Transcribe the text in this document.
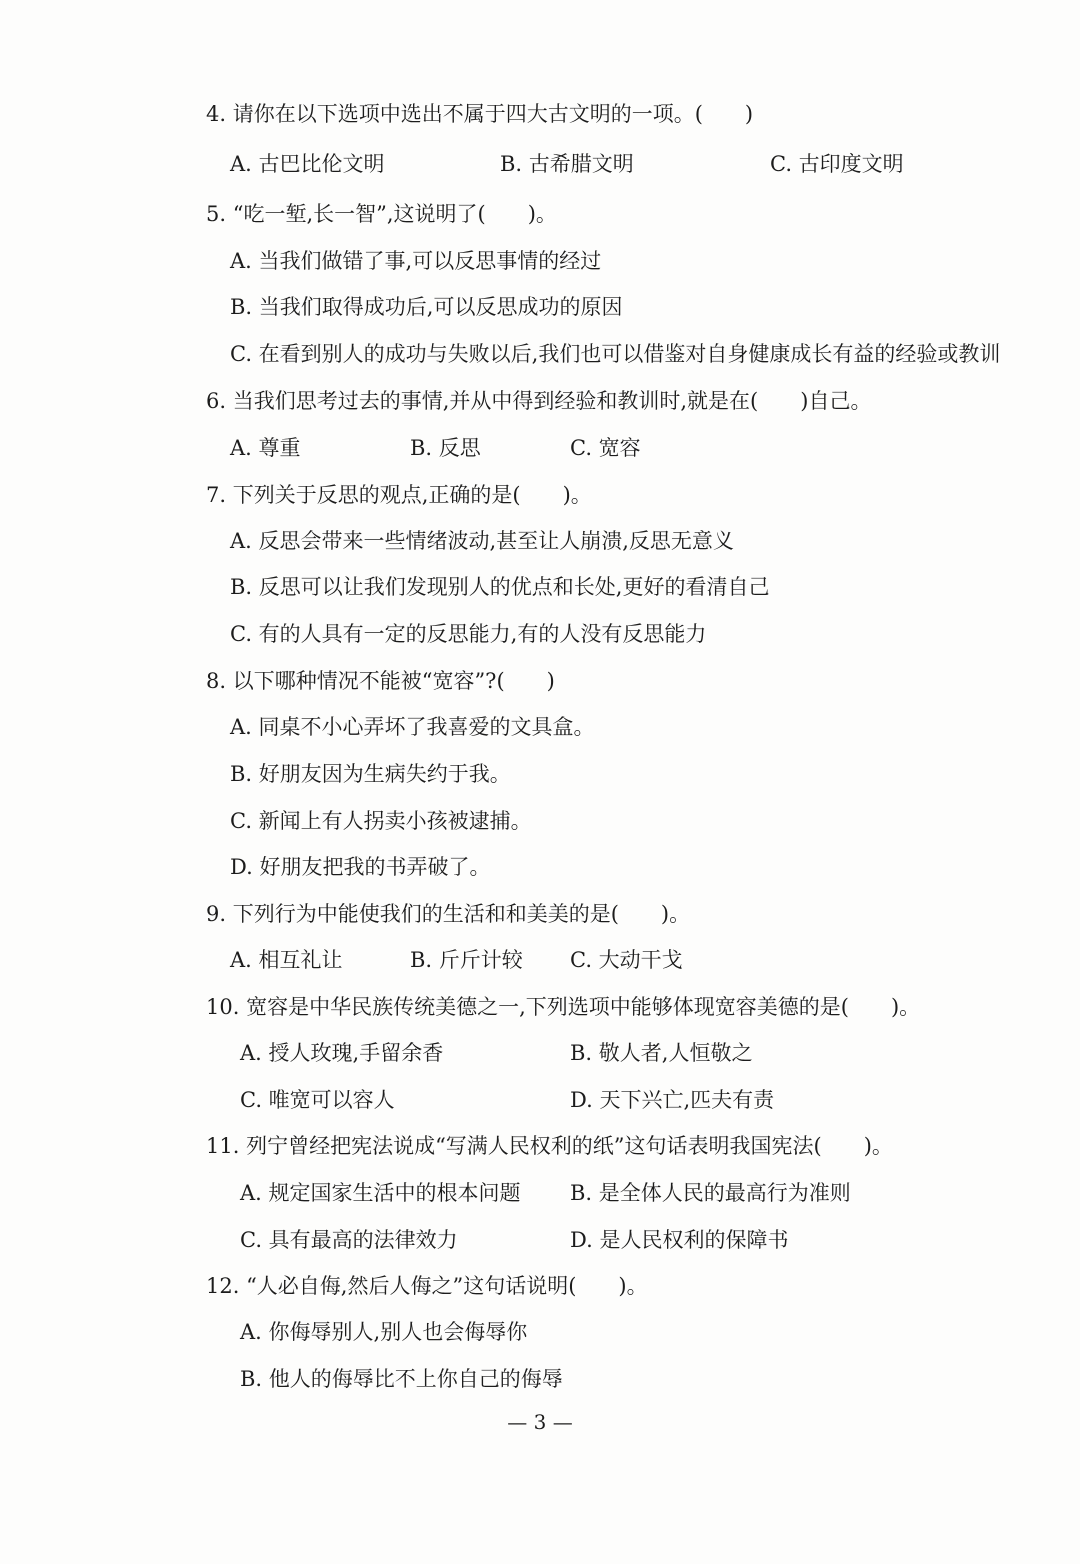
4. 请你在以下选项中选出不属于四大古文明的一项。(　　)
A. 古巴比伦文明	B. 古希腊文明	C. 古印度文明
5. “吃一堑,长一智”,这说明了(　　)。
A. 当我们做错了事,可以反思事情的经过
B. 当我们取得成功后,可以反思成功的原因
C. 在看到别人的成功与失败以后,我们也可以借鉴对自身健康成长有益的经验或教训
6. 当我们思考过去的事情,并从中得到经验和教训时,就是在(　　)自己。
A. 尊重	B. 反思	C. 宽容
7. 下列关于反思的观点,正确的是(　　)。
A. 反思会带来一些情绪波动,甚至让人崩溃,反思无意义
B. 反思可以让我们发现别人的优点和长处,更好的看清自己
C. 有的人具有一定的反思能力,有的人没有反思能力
8. 以下哪种情况不能被“宽容”?(　　)
A. 同桌不小心弄坏了我喜爱的文具盒。
B. 好朋友因为生病失约于我。
C. 新闻上有人拐卖小孩被逮捕。
D. 好朋友把我的书弄破了。
9. 下列行为中能使我们的生活和和美美的是(　　)。
A. 相互礼让	B. 斤斤计较 C. 大动干戈
10. 宽容是中华民族传统美德之一,下列选项中能够体现宽容美德的是(　　)。
A. 授人玫瑰,手留余香	B. 敬人者,人恒敬之
C. 唯宽可以容人	D. 天下兴亡,匹夫有责
11. 列宁曾经把宪法说成“写满人民权利的纸”这句话表明我国宪法(　　)。
A. 规定国家生活中的根本问题 B. 是全体人民的最高行为准则
C. 具有最高的法律效力	D. 是人民权利的保障书
12. “人必自侮,然后人侮之”这句话说明(　　)。
A. 你侮辱别人,别人也会侮辱你
B. 他人的侮辱比不上你自己的侮辱
— 3 —
